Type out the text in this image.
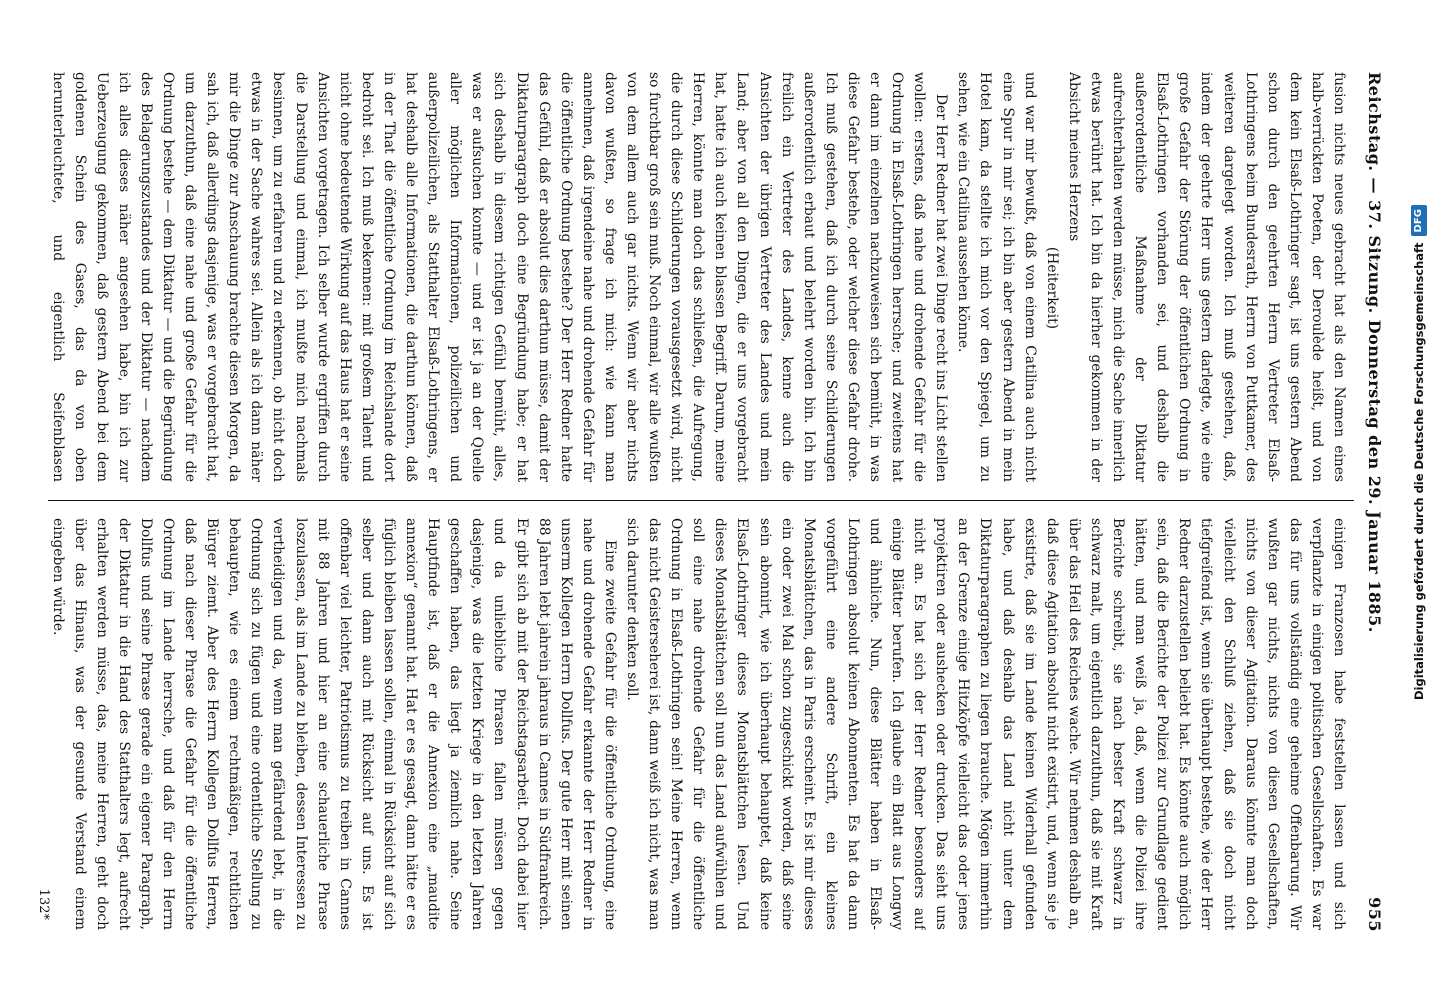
Reichstag. — 37. Sitzung. Donnerstag den 29. Januar 1885.
955

fusion nichts neues gebracht hat als den Namen eines halb-verrückten Poeten, der Deroulède heißt, und von dem kein Elsaß-Lothringer sagt, ist uns gestern Abend schon durch den geehrten Herrn Vertreter Elsaß-Lothringens beim Bundesrath, Herrn von Puttkamer, des weiteren dargelegt worden. Ich muß gestehen, daß, indem der geehrte Herr uns gestern darlegte, wie eine große Gefahr der Störung der öffentlichen Ordnung in Elsaß-Lothringen vorhanden sei, und deshalb die außerordentliche Maßnahme der Diktatur aufrechterhalten werden müsse, mich die Sache innerlich etwas berührt hat. Ich bin da hierher gekommen in der Absicht meines Herzens

(Heiterkeit)

und war mir bewußt, daß von einem Catilina auch nicht eine Spur in mir sei; ich bin aber gestern Abend in mein Hotel kam, da stellte ich mich vor den Spiegel, um zu sehen, wie ein Catilina aussehen könne.

Der Herr Redner hat zwei Dinge recht ins Licht stellen wollen: erstens, daß nahe und drohende Gefahr für die Ordnung in Elsaß-Lothringen herrsche; und zweitens hat er dann im einzelnen nachzuweisen sich bemüht, in was diese Gefahr bestehe, oder welcher diese Gefahr drohe. Ich muß gestehen, daß ich durch seine Schilderungen außerordentlich erbaut und belehrt worden bin. Ich bin freilich ein Vertreter des Landes, kenne auch die Ansichten der übrigen Vertreter des Landes und mein Land; aber von all den Dingen, die er uns vorgebracht hat, hatte ich auch keinen blassen Begriff. Darum, meine Herren, könnte man doch das schließen, die Aufregung, die durch diese Schilderungen vorausgesetzt wird, nicht so furchtbar groß sein muß. Noch einmal, wir alle wußten von dem allem auch gar nichts. Wenn wir aber nichts davon wußten, so frage ich mich: wie kann man annehmen, daß irgendeine nahe und drohende Gefahr für die öffentliche Ordnung bestehe? Der Herr Redner hatte das Gefühl, daß er absolut dies darthun müsse, damit der Diktaturparagraph doch eine Begründung habe; er hat sich deshalb in diesem richtigen Gefühl bemüht, alles, was er aufsuchen konnte — und er ist ja an der Quelle aller möglichen Informationen, polizeilichen und außerpolizeilichen, als Statthalter Elsaß-Lothringens, er hat deshalb alle Informationen, die darthun können, daß in der That die öffentliche Ordnung im Reichslande dort bedroht sei. Ich muß bekennen: mit großem Talent und nicht ohne bedeutende Wirkung auf das Haus hat er seine Ansichten vorgetragen. Ich selber wurde ergriffen durch die Darstellung und einmal, ich mußte mich nachmals besinnen, um zu erfahren und zu erkennen, ob nicht doch etwas in der Sache wahres sei. Allein als ich dann näher mir die Dinge zur Anschauung brachte diesen Morgen, da sah ich, daß allerdings dasjenige, was er vorgebracht hat, um darzuthun, daß eine nahe und große Gefahr für die Ordnung bestehe — dem Diktatur — und die Begründung des Belagerungszustandes und der Diktatur — nachdem ich alles dieses näher angesehen habe, bin ich zur Ueberzeugung gekommen, daß gestern Abend bei dem goldenen Schein des Gases, das da von oben herunterleuchtete, und eigentlich Seifenblasen

einigen Franzosen habe feststellen lassen und sich verpflanzte in einigen politischen Gesellschaften. Es war das für uns vollständig eine geheime Offenbarung. Wir wußten gar nichts, nichts von diesen Gesellschaften, nichts von dieser Agitation. Daraus könnte man doch vielleicht den Schluß ziehen, daß sie doch nicht tiefgreifend ist, wenn sie überhaupt bestehe, wie der Herr Redner darzustellen beliebt hat. Es könnte auch möglich sein, daß die Berichte der Polizei zur Grundlage gedient hätten, und man weiß ja, daß, wenn die Polizei ihre Berichte schreibt, sie nach bester Kraft schwarz in schwarz malt, um eigentlich darzuthun, daß sie mit Kraft über das Heil des Reiches wache. Wir nehmen deshalb an, daß diese Agitation absolut nicht existirt, und, wenn sie je existirte, daß sie im Lande keinen Widerhall gefunden habe, und daß deshalb das Land nicht unter dem Diktaturparagraphen zu liegen brauche. Mögen immerhin an der Grenze einige Hitzköpfe vielleicht das oder jenes projektiren oder aushecken oder drucken. Das sieht uns nicht an. Es hat sich der Herr Redner besonders auf einige Blätter berufen. Ich glaube ein Blatt aus Longwy und ähnliche. Nun, diese Blätter haben in Elsaß-Lothringen absolut keinen Abonnenten. Es hat da dann vorgeführt eine andere Schrift, ein kleines Monatsblättchen, das in Paris erscheint. Es ist mir dieses ein oder zwei Mal schon zugeschickt worden, daß seine sein abonnirt, wie ich überhaupt behauptet, daß keine Elsaß-Lothringer dieses Monatsblättchen lesen. Und dieses Monatsblättchen soll nun das Land aufwühlen und soll eine nahe drohende Gefahr für die öffentliche Ordnung in Elsaß-Lothringen sein! Meine Herren, wenn das nicht Geisterseherei ist, dann weiß ich nicht, was man sich darunter denken soll.

Eine zweite Gefahr für die öffentliche Ordnung, eine nahe und drohende Gefahr erkannte der Herr Redner in unserm Kollegen Herrn Dollfus. Der gute Herr mit seinen 88 Jahren lebt jahrein jahraus in Cannes in Südfrankreich. Er gibt sich ab mit der Reichstagsarbeit. Doch dabei hier und da unliebliche Phrasen fallen müssen gegen dasjenige, was die letzten Kriege in den letzten Jahren geschaffen haben, das liegt ja ziemlich nahe. Seine Hauptfinde ist, daß er die Annexion eine „maudite annexion“ genannt hat. Hat er es gesagt, dann hätte er es füglich bleiben lassen sollen, einmal in Rücksicht auf sich selber und dann auch mit Rücksicht auf uns. Es ist offenbar viel leichter, Patriotismus zu treiben in Cannes mit 88 Jahren und hier an eine schauerliche Phrase loszulassen, als im Lande zu bleiben, dessen Interessen zu vertheidigen und da, wenn man gefährdend lebt, in die Ordnung sich zu fügen und eine ordentliche Stellung zu behaupten, wie es einem rechtmäßigen, rechtlichen Bürger ziemt. Aber des Herrn Kollegen Dollfus Herren, daß nach dieser Phrase die Gefahr für die öffentliche Ordnung im Lande herrsche, und daß für den Herrn Dollfus und seine Phrase gerade ein eigener Paragraph, der Diktatur in die Hand des Statthalters legt, aufrecht erhalten werden müsse, das, meine Herren, geht doch über das Hinaus, was der gesunde Verstand einem eingeben würde.

132*
Digitalisierung gefördert durch die Deutsche Forschungsgemeinschaft
DFG
